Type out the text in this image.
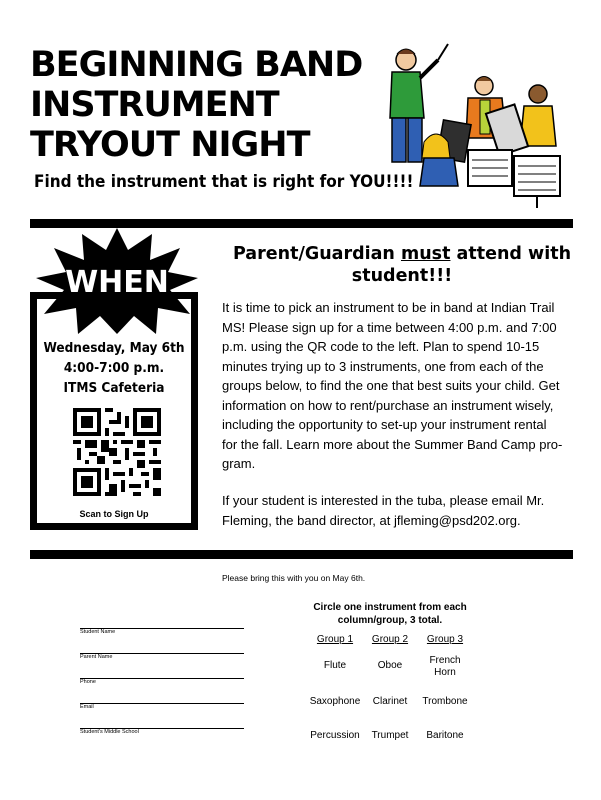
BEGINNING BAND
INSTRUMENT
TRYOUT NIGHT
Find the instrument that is right for YOU!!!!
WHEN
Wednesday, May 6th
4:00-7:00 p.m.
ITMS Cafeteria
Scan to Sign Up
Parent/Guardian must attend with student!!!
It is time to pick an instrument to be in band at Indian Trail
MS! Please sign up for a time between 4:00 p.m. and 7:00
p.m. using the QR code to the left. Plan to spend 10-15
minutes trying up to 3 instruments, one from each of the
groups below, to find the one that best suits your child. Get
information on how to rent/purchase an instrument wisely,
including the opportunity to set-up your instrument rental
for the fall. Learn more about the Summer Band Camp pro-
gram.
If your student is interested in the tuba, please email Mr.
Fleming, the band director, at jfleming@psd202.org.
Please bring this with you on May 6th.
Circle one instrument from each
column/group, 3 total.
Student Name
Parent Name
Phone
Email
Student's Middle School
Group 1	Group 2	Group 3
Flute	Oboe	French Horn
Saxophone	Clarinet	Trombone
Percussion	Trumpet	Baritone
